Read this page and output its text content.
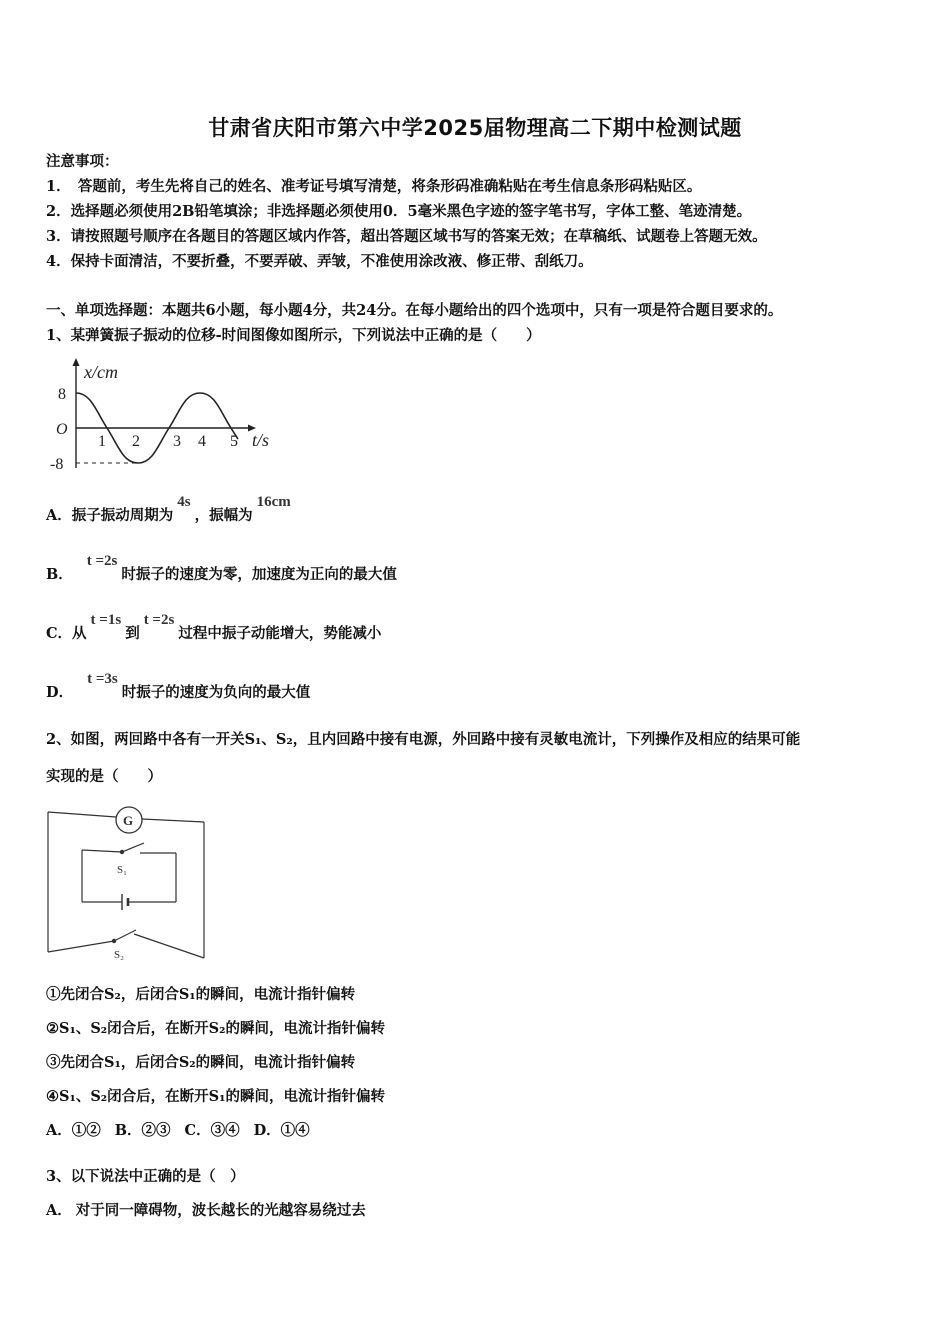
甘肃省庆阳市第六中学2025届物理高二下期中检测试题
注意事项：
1．　答题前，考生先将自己的姓名、准考证号填写清楚，将条形码准确粘贴在考生信息条形码粘贴区。
2．选择题必须使用2B铅笔填涂；非选择题必须使用0．5毫米黑色字迹的签字笔书写，字体工整、笔迹清楚。
3．请按照题号顺序在各题目的答题区域内作答，超出答题区域书写的答案无效；在草稿纸、试题卷上答题无效。
4．保持卡面清洁，不要折叠，不要弄破、弄皱，不准使用涂改液、修正带、刮纸刀。
一、单项选择题：本题共6小题，每小题4分，共24分。在每小题给出的四个选项中，只有一项是符合题目要求的。
1、某弹簧振子振动的位移-时间图像如图所示，下列说法中正确的是（　　）
x/cm
8
O
-8
1 2 3 4 5 t/s
A．振子振动周期为4s，振幅为16cm
B．t =2s时振子的速度为零，加速度为正向的最大值
C．从t =1s到t =2s过程中振子动能增大，势能减小
D．t =3s时振子的速度为负向的最大值
2、如图，两回路中各有一开关S₁、S₂，且内回路中接有电源，外回路中接有灵敏电流计，下列操作及相应的结果可能
实现的是（　　）
G
S₂
S₁
①先闭合S₂，后闭合S₁的瞬间，电流计指针偏转
②S₁、S₂闭合后，在断开S₂的瞬间，电流计指针偏转
③先闭合S₁，后闭合S₂的瞬间，电流计指针偏转
④S₁、S₂闭合后，在断开S₁的瞬间，电流计指针偏转
A．①② B．②③ C．③④ D．①④
3、以下说法中正确的是（　）
A． 对于同一障碍物，波长越长的光越容易绕过去
